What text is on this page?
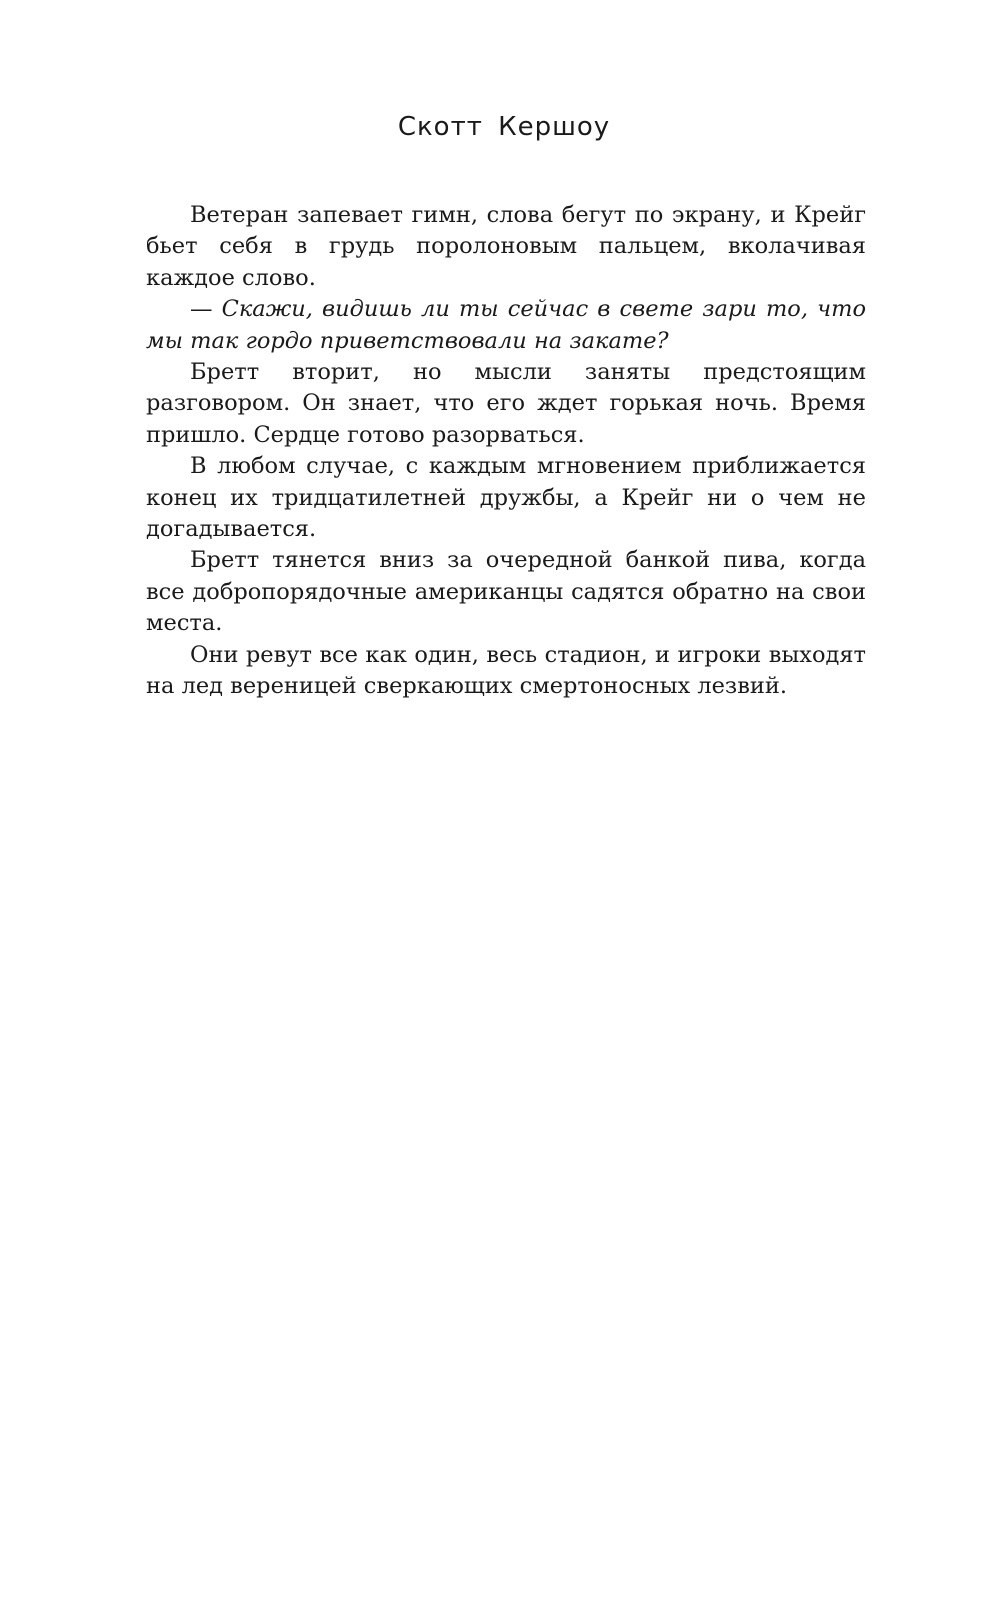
Скотт Кершоу

Ветеран запевает гимн, слова бегут по экрану, и Крейг бьет себя в грудь поролоновым пальцем, вколачивая каждое слово.

— Скажи, видишь ли ты сейчас в свете зари то, что мы так гордо приветствовали на закате?

Бретт вторит, но мысли заняты предстоящим разговором. Он знает, что его ждет горькая ночь. Время пришло. Сердце готово разорваться.

В любом случае, с каждым мгновением приближается конец их тридцатилетней дружбы, а Крейг ни о чем не догадывается.

Бретт тянется вниз за очередной банкой пива, когда все добропорядочные американцы садятся обратно на свои места.

Они ревут все как один, весь стадион, и игроки выходят на лед вереницей сверкающих смертоносных лезвий.
